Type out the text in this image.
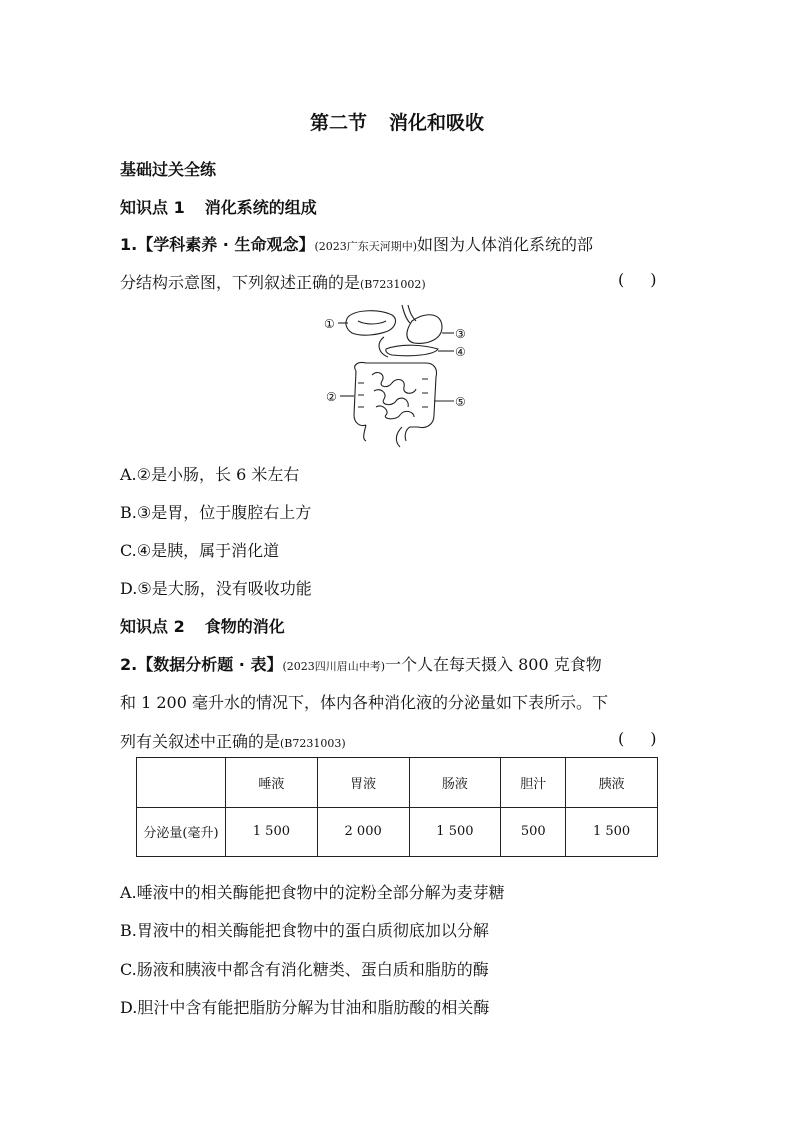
第二节 消化和吸收
基础过关全练
知识点 1 消化系统的组成
1.【学科素养 · 生命观念】(2023广东天河期中)如图为人体消化系统的部
分结构示意图，下列叙述正确的是(B7231002)	( )
①
②
③
④
⑤
A.②是小肠，长 6 米左右
B.③是胃，位于腹腔右上方
C.④是胰，属于消化道
D.⑤是大肠，没有吸收功能
知识点 2 食物的消化
2.【数据分析题 · 表】(2023四川眉山中考)一个人在每天摄入 800 克食物
和 1 200 毫升水的情况下，体内各种消化液的分泌量如下表所示。下
列有关叙述中正确的是(B7231003)	( )
	唾液	胃液	肠液	胆汁	胰液
分泌量(毫升)	1 500	2 000	1 500	500	1 500
A.唾液中的相关酶能把食物中的淀粉全部分解为麦芽糖
B.胃液中的相关酶能把食物中的蛋白质彻底加以分解
C.肠液和胰液中都含有消化糖类、蛋白质和脂肪的酶
D.胆汁中含有能把脂肪分解为甘油和脂肪酸的相关酶
